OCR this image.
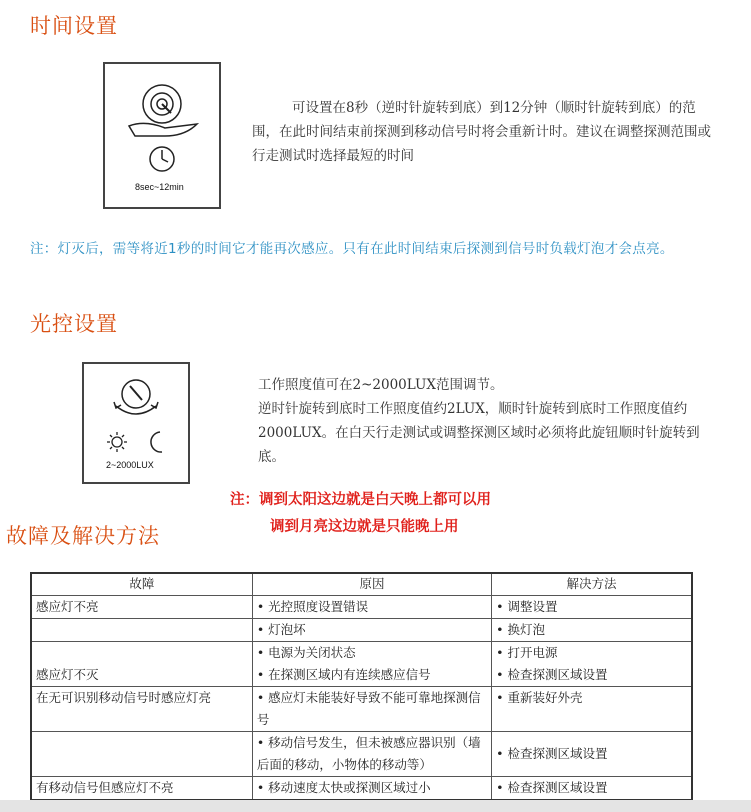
时间设置
8sec~12min
可设置在8秒（逆时针旋转到底）到12分钟（顺时针旋转到底）的范围，在此时间结束前探测到移动信号时将会重新计时。建议在调整探测范围或行走测试时选择最短的时间
注：灯灭后，需等将近1秒的时间它才能再次感应。只有在此时间结束后探测到信号时负载灯泡才会点亮。
光控设置
2~2000LUX
工作照度值可在2~2000LUX范围调节。
逆时针旋转到底时工作照度值约2LUX，顺时针旋转到底时工作照度值约2000LUX。在白天行走测试或调整探测区域时必须将此旋钮顺时针旋转到底。
注：调到太阳这边就是白天晚上都可以用
调到月亮这边就是只能晚上用
故障及解决方法
故障	原因	解决方法
感应灯不亮	• 光控照度设置错误	• 调整设置
	• 灯泡坏	• 换灯泡
	• 电源为关闭状态	• 打开电源
感应灯不灭	• 在探测区域内有连续感应信号	• 检查探测区域设置
在无可识别移动信号时感应灯亮	• 感应灯未能装好导致不能可靠地探测信号	• 重新装好外壳
	• 移动信号发生，但未被感应器识别（墙后面的移动，小物体的移动等）	• 检查探测区域设置
有移动信号但感应灯不亮	• 移动速度太快或探测区域过小	• 检查探测区域设置
